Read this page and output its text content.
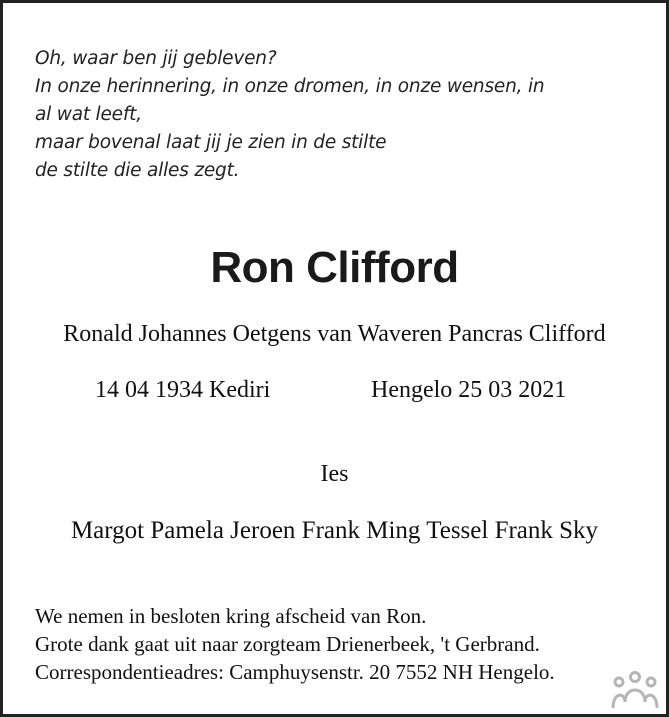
Oh, waar ben jij gebleven?
In onze herinnering, in onze dromen, in onze wensen, in
al wat leeft,
maar bovenal laat jij je zien in de stilte
de stilte die alles zegt.
Ron Clifford
Ronald Johannes Oetgens van Waveren Pancras Clifford
14 04 1934 Kediri	Hengelo 25 03 2021
Ies
Margot Pamela Jeroen Frank Ming Tessel Frank Sky
We nemen in besloten kring afscheid van Ron.
Grote dank gaat uit naar zorgteam Drienerbeek, 't Gerbrand.
Correspondentieadres: Camphuysenstr. 20 7552 NH Hengelo.
